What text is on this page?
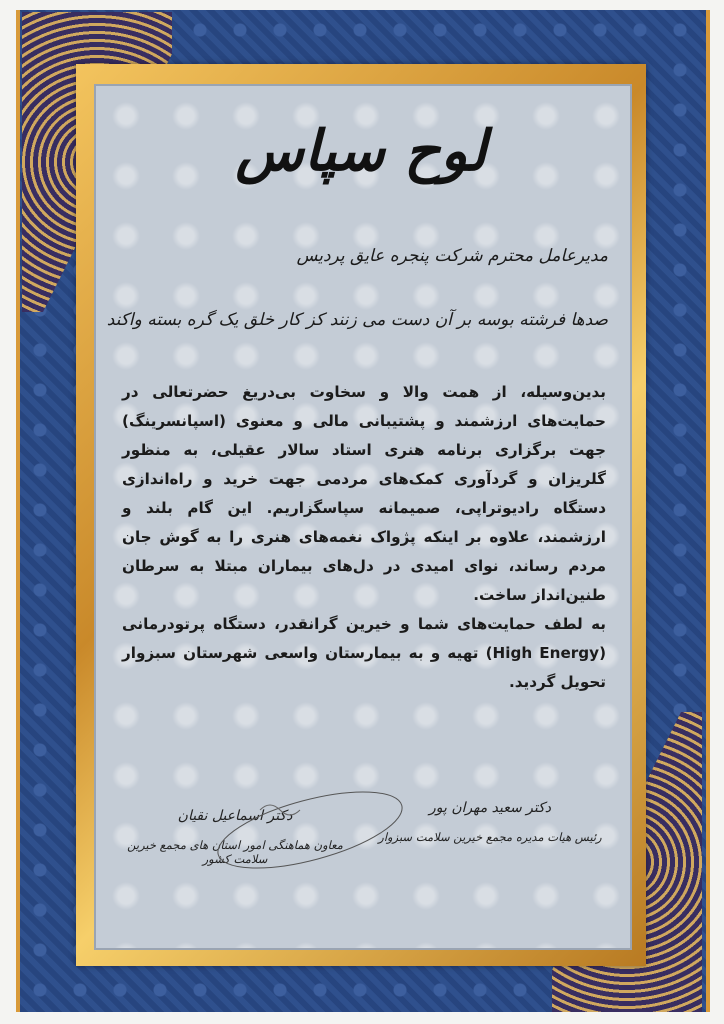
لوح سپاس
مدیرعامل محترم شرکت پنجره عایق پردیس
صدها فرشته بوسه بر آن دست می زنند
کز کار خلق یک گره بسته واکند

بدین‌وسیله، از همت والا و سخاوت بی‌دریغ حضرتعالی در حمایت‌های ارزشمند و پشتیبانی مالی و معنوی (اسپانسرینگ) جهت برگزاری برنامه هنری استاد سالار عقیلی، به منظور گلریزان و گردآوری کمک‌های مردمی جهت خرید و راه‌اندازی دستگاه رادیوتراپی، صمیمانه سپاسگزاریم. این گام بلند و ارزشمند، علاوه بر اینکه پژواک نغمه‌های هنری را به گوش جان مردم رساند، نوای امیدی در دل‌های بیماران مبتلا به سرطان طنین‌انداز ساخت.

به لطف حمایت‌های شما و خیرین گرانقدر، دستگاه پرتودرمانی (High Energy) تهیه و به بیمارستان واسعی شهرستان سبزوار تحویل گردید.

دکتر سعید مهران پور
رئیس هیات مدیره مجمع خیرین سلامت سبزوار
دکتر اسماعیل نقیان
معاون هماهنگی امور استان های مجمع خیرین سلامت کشور
